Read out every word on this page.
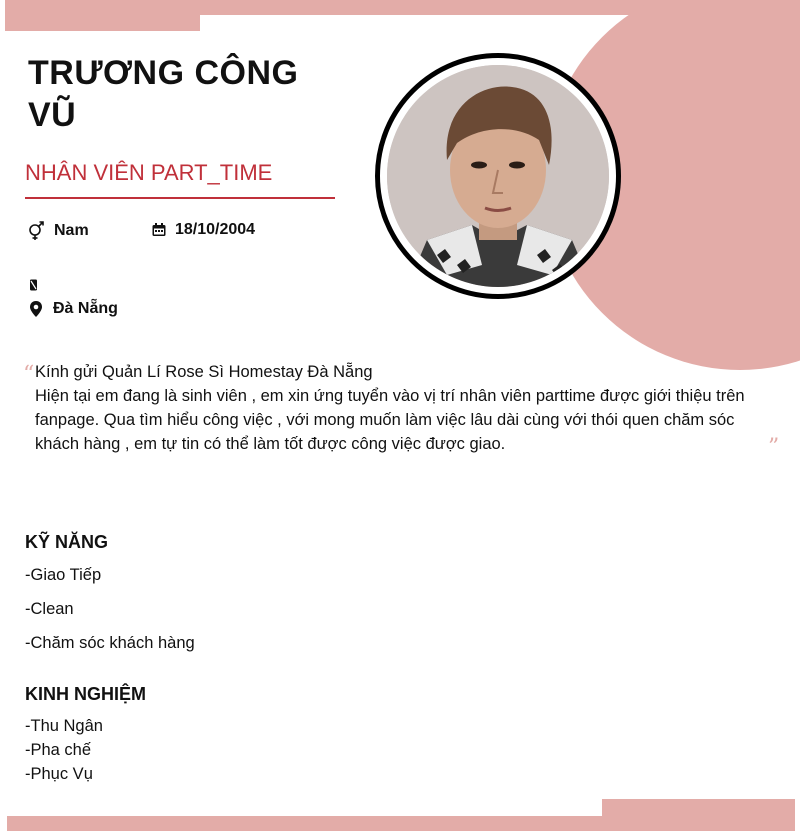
TRƯƠNG CÔNG
VŨ
NHÂN VIÊN PART_TIME
Nam	18/10/2004
Đà Nẵng
“ Kính gửi Quản Lí Rose Sì Homestay Đà Nẵng

Hiện tại em đang là sinh viên , em xin ứng tuyển vào vị trí nhân viên parttime được giới thiệu trên fanpage. Qua tìm hiểu công việc , với mong muốn làm việc lâu dài cùng với thói quen chăm sóc khách hàng , em tự tin có thể làm tốt được công việc được giao.	”
KỸ NĂNG
-Giao Tiếp
-Clean
-Chăm sóc khách hàng
KINH NGHIỆM
-Thu Ngân
-Pha chế
-Phục Vụ
